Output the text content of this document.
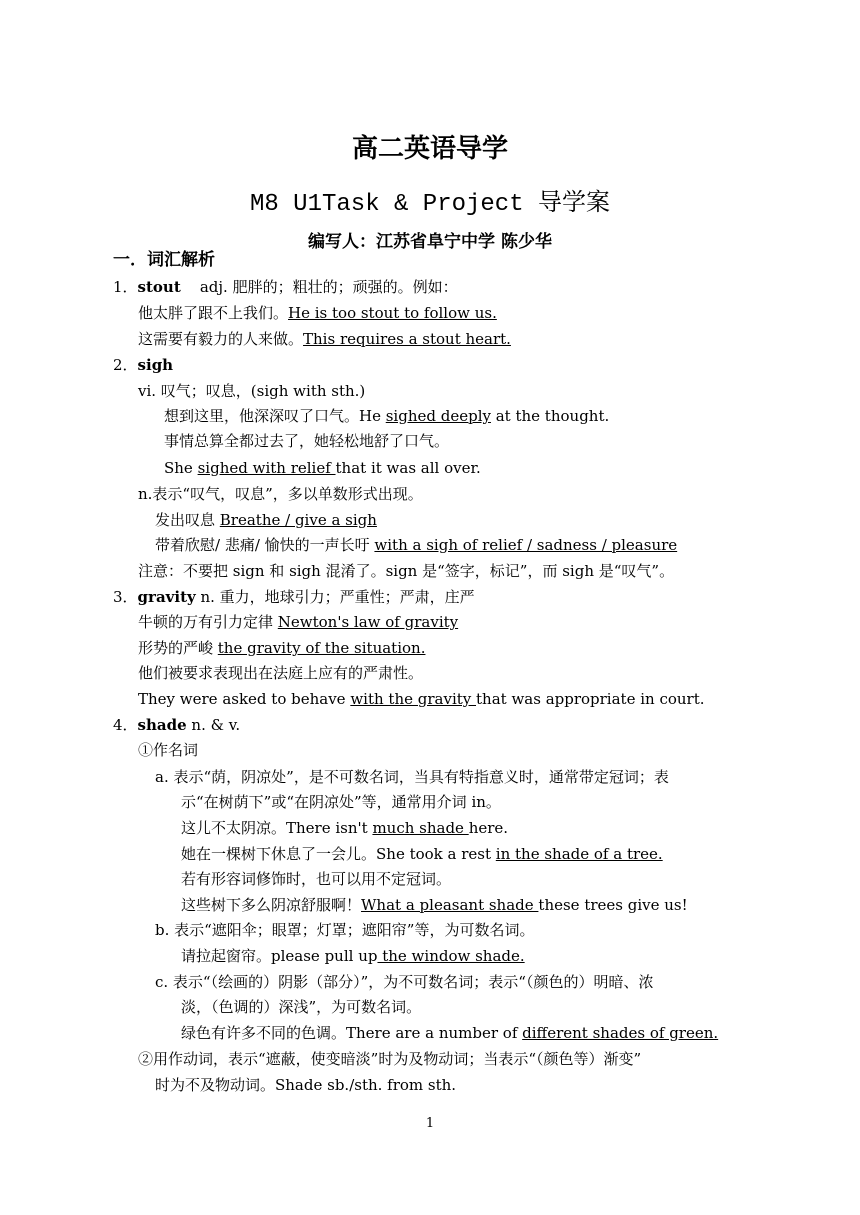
高二英语导学
M8 U1Task & Project 导学案
编写人：江苏省阜宁中学 陈少华
一．词汇解析
1．stout adj. 肥胖的；粗壮的；顽强的。例如：
他太胖了跟不上我们。He is too stout to follow us.
这需要有毅力的人来做。This requires a stout heart.
2．sigh
vi. 叹气；叹息，(sigh with sth.)
想到这里，他深深叹了口气。He sighed deeply at the thought.
事情总算全都过去了，她轻松地舒了口气。
She sighed with relief that it was all over.
n.表示“叹气，叹息”，多以单数形式出现。
发出叹息 Breathe / give a sigh
带着欣慰/ 悲痛/ 愉快的一声长吁 with a sigh of relief / sadness / pleasure
注意：不要把 sign 和 sigh 混淆了。sign 是“签字，标记”，而 sigh 是“叹气”。
3．gravity n. 重力，地球引力；严重性；严肃，庄严
牛顿的万有引力定律 Newton's law of gravity
形势的严峻 the gravity of the situation.
他们被要求表现出在法庭上应有的严肃性。
They were asked to behave with the gravity that was appropriate in court.
4．shade n. & v.
①作名词
a. 表示“荫，阴凉处”，是不可数名词，当具有特指意义时，通常带定冠词；表
示“在树荫下”或“在阴凉处”等，通常用介词 in。
这儿不太阴凉。There isn't much shade here.
她在一棵树下休息了一会儿。She took a rest in the shade of a tree.
若有形容词修饰时，也可以用不定冠词。
这些树下多么阴凉舒服啊！What a pleasant shade these trees give us!
b. 表示“遮阳伞；眼罩；灯罩；遮阳帘”等，为可数名词。
请拉起窗帘。please pull up the window shade.
c. 表示“（绘画的）阴影（部分）”，为不可数名词；表示“（颜色的）明暗、浓
淡，（色调的）深浅”，为可数名词。
绿色有许多不同的色调。There are a number of different shades of green.
②用作动词，表示“遮蔽，使变暗淡”时为及物动词；当表示“（颜色等）渐变”
时为不及物动词。Shade sb./sth. from sth.
1
